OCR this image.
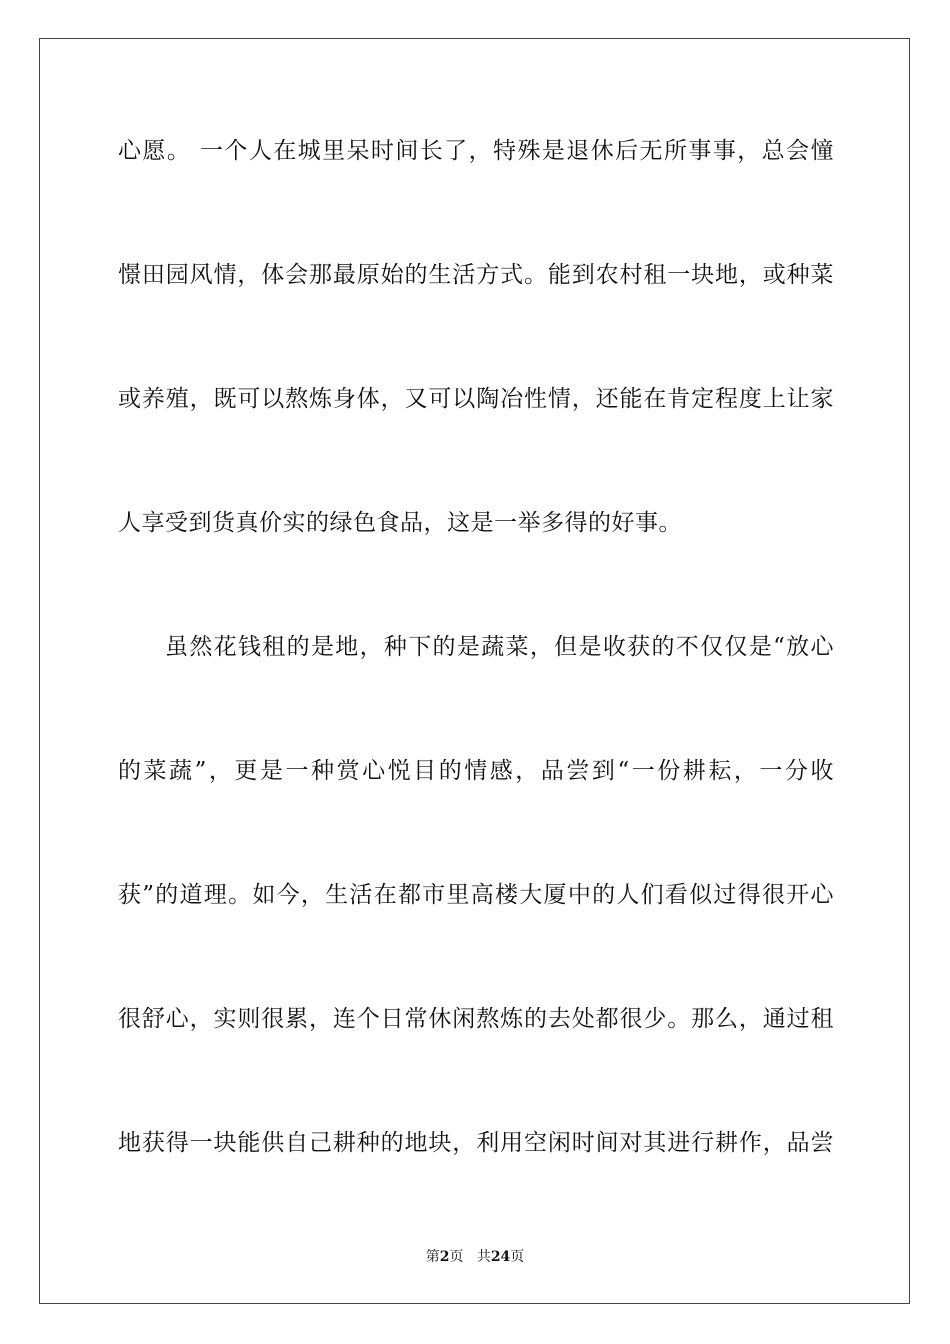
心愿。 一个人在城里呆时间长了，特殊是退休后无所事事，总会憧
憬田园风情，体会那最原始的生活方式。能到农村租一块地，或种菜
或养殖，既可以熬炼身体，又可以陶冶性情，还能在肯定程度上让家
人享受到货真价实的绿色食品，这是一举多得的好事。
虽然花钱租的是地，种下的是蔬菜，但是收获的不仅仅是“放心
的菜蔬”，更是一种赏心悦目的情感，品尝到“一份耕耘，一分收
获”的道理。如今，生活在都市里高楼大厦中的人们看似过得很开心
很舒心，实则很累，连个日常休闲熬炼的去处都很少。那么，通过租
地获得一块能供自己耕种的地块，利用空闲时间对其进行耕作，品尝
第2页 共24页
